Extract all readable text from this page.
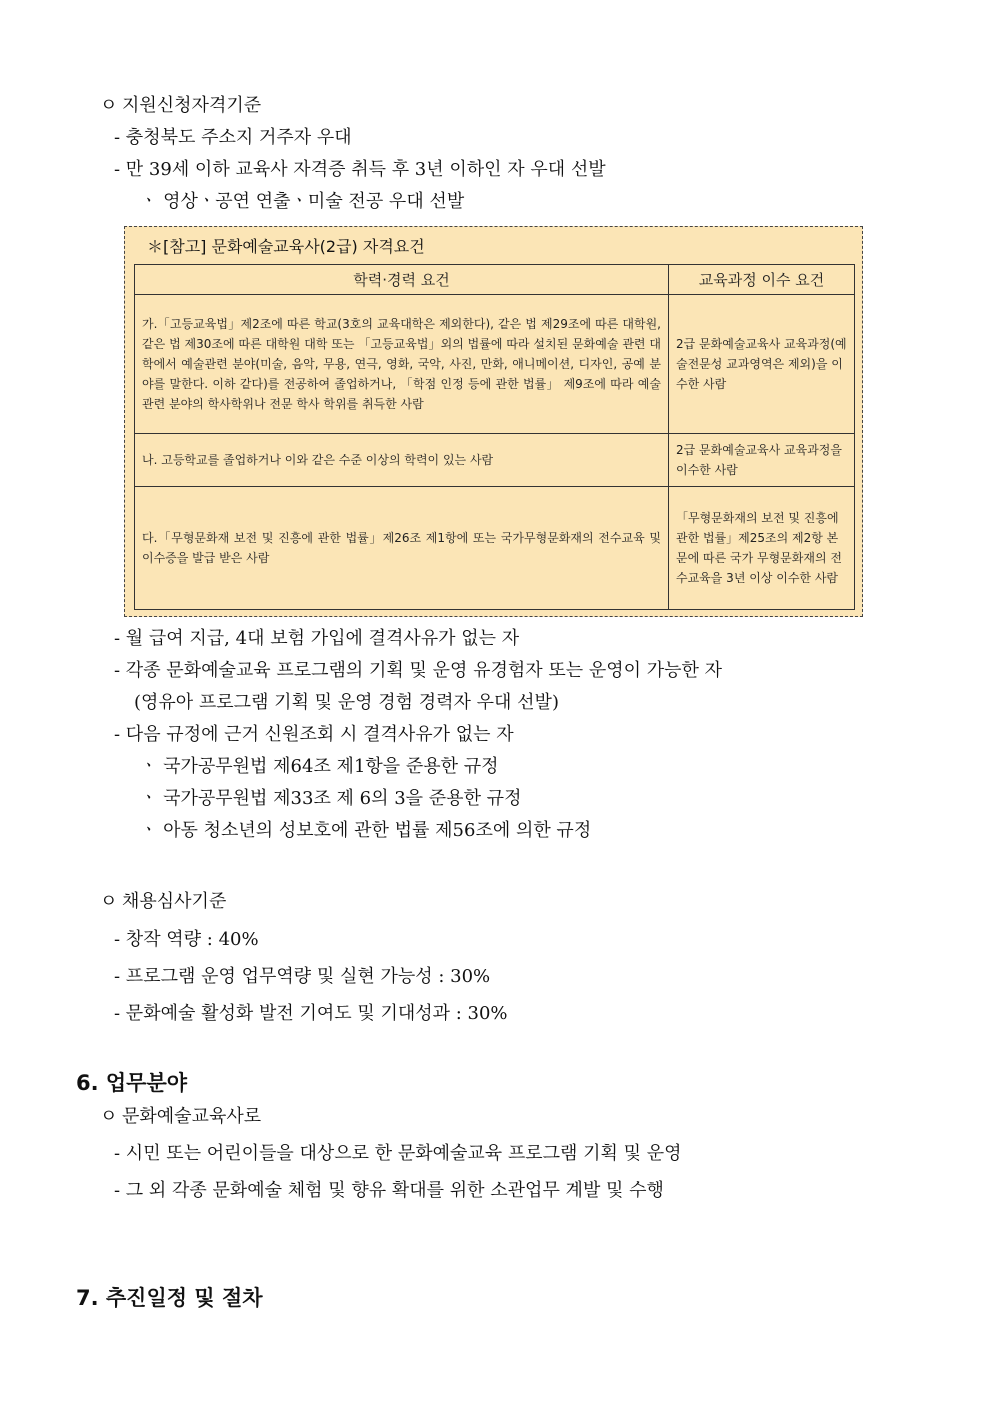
ㅇ 지원신청자격기준
- 충청북도 주소지 거주자 우대
- 만 39세 이하 교육사 자격증 취득 후 3년 이하인 자 우대 선발
ㆍ 영상ㆍ공연 연출ㆍ미술 전공 우대 선발
＊[참고] 문화예술교육사(2급) 자격요건
학력·경력 요건	교육과정 이수 요건
가.「고등교육법」제2조에 따른 학교(3호의 교육대학은 제외한다), 같은 법 제29조에 따른 대학원, 같은 법 제30조에 따른 대학원 대학 또는 「고등교육법」외의 법률에 따라 설치된 문화예술 관련 대학에서 예술관련 분야(미술, 음악, 무용, 연극, 영화, 국악, 사진, 만화, 애니메이션, 디자인, 공예 분야를 말한다. 이하 같다)를 전공하여 졸업하거나, 「학점 인정 등에 관한 법률」 제9조에 따라 예술 관련 분야의 학사학위나 전문 학사 학위를 취득한 사람	2급 문화예술교육사 교육과정(예술전문성 교과영역은 제외)을 이수한 사람
나. 고등학교를 졸업하거나 이와 같은 수준 이상의 학력이 있는 사람	2급 문화예술교육사 교육과정을 이수한 사람
다.「무형문화재 보전 및 진흥에 관한 법률」제26조 제1항에 또는 국가무형문화재의 전수교육 및 이수증을 발급 받은 사람	「무형문화재의 보전 및 진흥에 관한 법률」제25조의 제2항 본문에 따른 국가 무형문화재의 전수교육을 3년 이상 이수한 사람
- 월 급여 지급, 4대 보험 가입에 결격사유가 없는 자
- 각종 문화예술교육 프로그램의 기획 및 운영 유경험자 또는 운영이 가능한 자
(영유아 프로그램 기획 및 운영 경험 경력자 우대 선발)
- 다음 규정에 근거 신원조회 시 결격사유가 없는 자
ㆍ 국가공무원법 제64조 제1항을 준용한 규정
ㆍ 국가공무원법 제33조 제 6의 3을 준용한 규정
ㆍ 아동 청소년의 성보호에 관한 법률 제56조에 의한 규정
ㅇ 채용심사기준
- 창작 역량 : 40%
- 프로그램 운영 업무역량 및 실현 가능성 : 30%
- 문화예술 활성화 발전 기여도 및 기대성과 : 30%
6. 업무분야
ㅇ 문화예술교육사로
- 시민 또는 어린이들을 대상으로 한 문화예술교육 프로그램 기획 및 운영
- 그 외 각종 문화예술 체험 및 향유 확대를 위한 소관업무 계발 및 수행
7. 추진일정 및 절차
